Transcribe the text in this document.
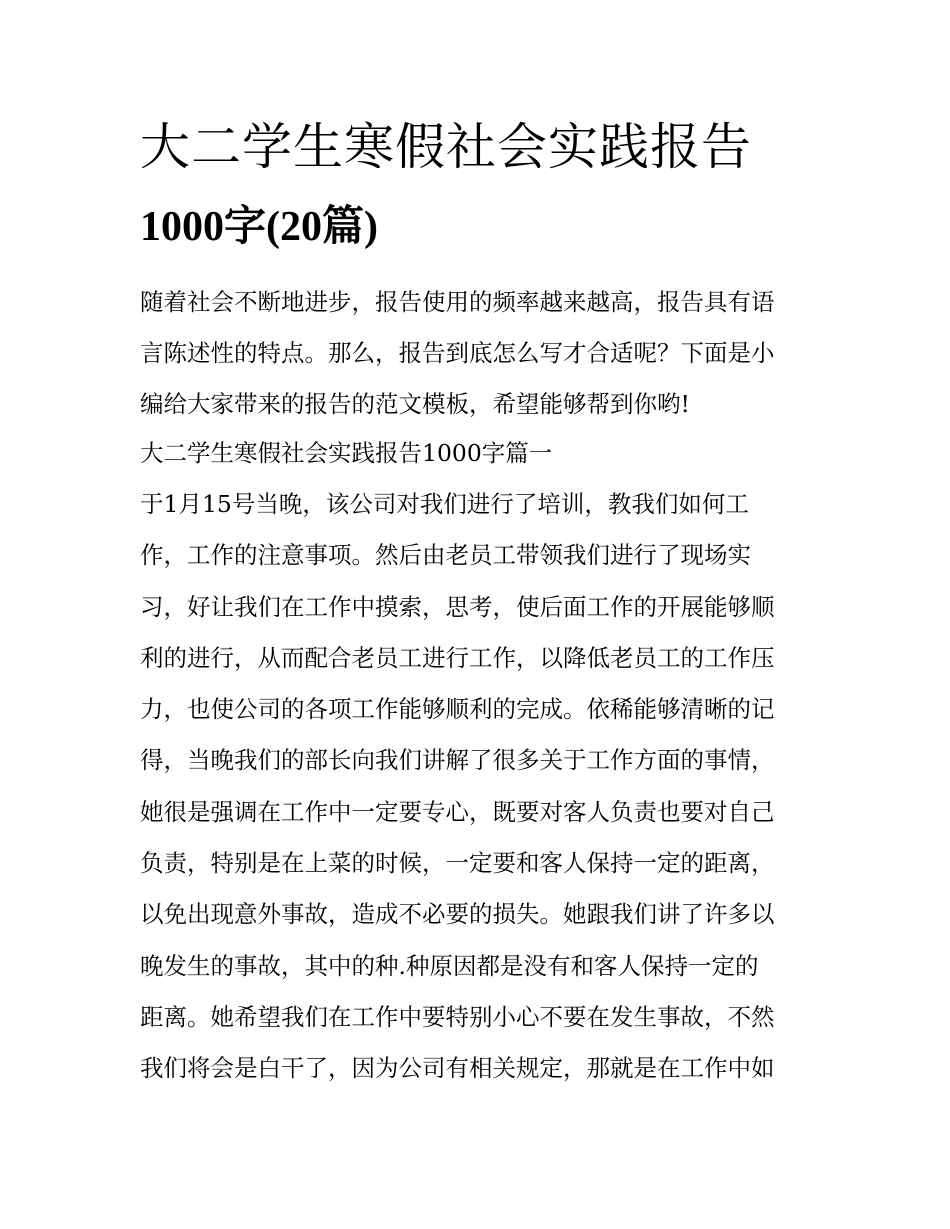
大二学生寒假社会实践报告
1000字(20篇)
随着社会不断地进步，报告使用的频率越来越高，报告具有语
言陈述性的特点。那么，报告到底怎么写才合适呢？下面是小
编给大家带来的报告的范文模板，希望能够帮到你哟!
大二学生寒假社会实践报告1000字篇一
于1月15号当晚，该公司对我们进行了培训，教我们如何工
作，工作的注意事项。然后由老员工带领我们进行了现场实
习，好让我们在工作中摸索，思考，使后面工作的开展能够顺
利的进行，从而配合老员工进行工作，以降低老员工的工作压
力，也使公司的各项工作能够顺利的完成。依稀能够清晰的记
得，当晚我们的部长向我们讲解了很多关于工作方面的事情，
她很是强调在工作中一定要专心，既要对客人负责也要对自己
负责，特别是在上菜的时候，一定要和客人保持一定的距离，
以免出现意外事故，造成不必要的损失。她跟我们讲了许多以
晚发生的事故，其中的种.种原因都是没有和客人保持一定的
距离。她希望我们在工作中要特别小心不要在发生事故，不然
我们将会是白干了，因为公司有相关规定，那就是在工作中如
